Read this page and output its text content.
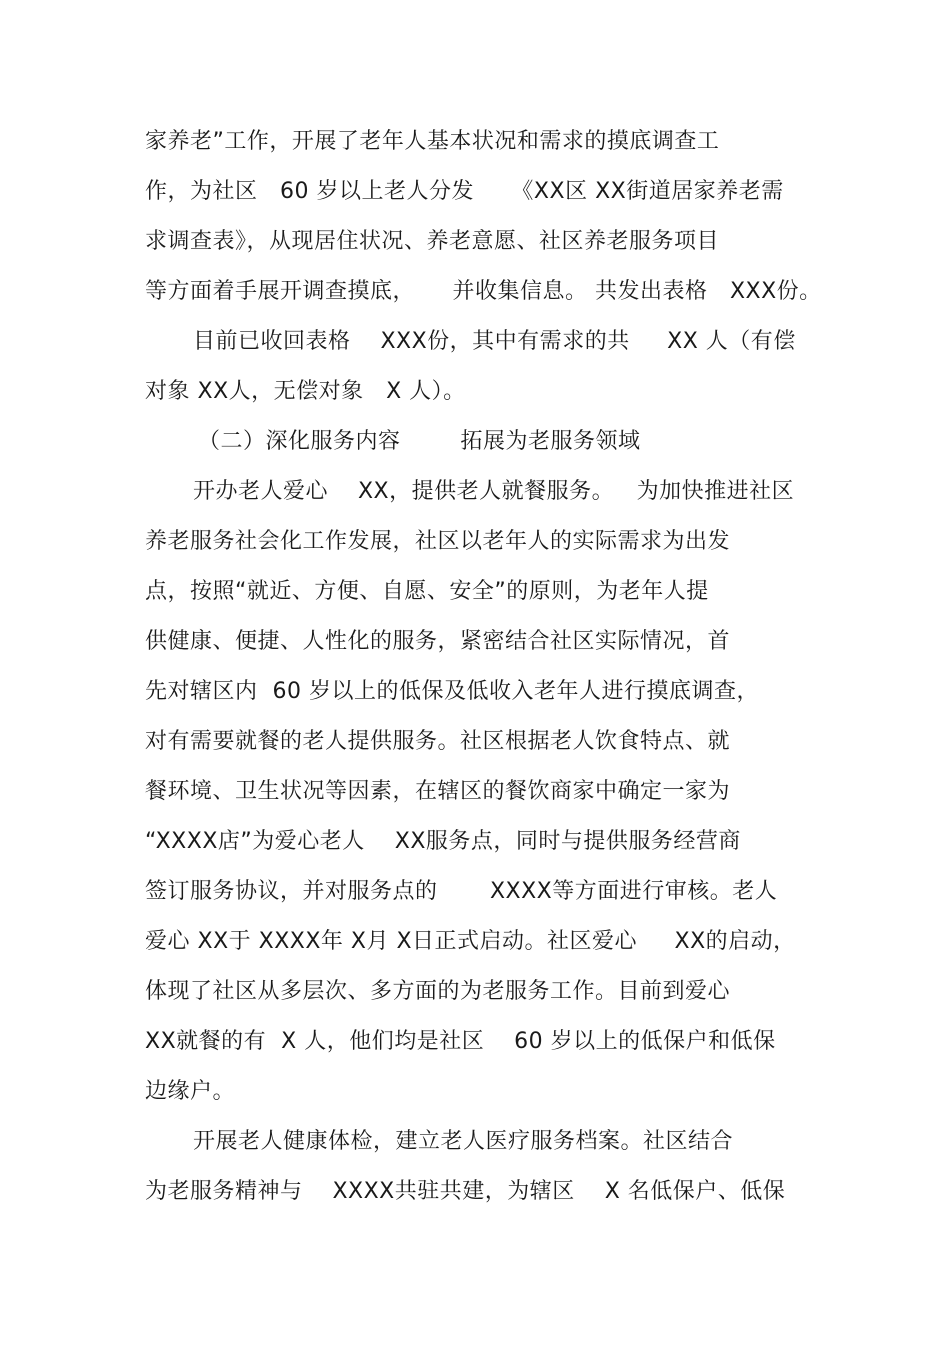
家养老”工作，开展了老年人基本状况和需求的摸底调查工
作，为社区   60 岁以上老人分发     《XX区 XX街道居家养老需
求调查表》，从现居住状况、养老意愿、社区养老服务项目
等方面着手展开调查摸底，     并收集信息。 共发出表格   XXX份。
目前已收回表格    XXX份，其中有需求的共     XX 人（有偿
对象 XX人，无偿对象   X 人）。
（二）深化服务内容        拓展为老服务领域
开办老人爱心    XX，提供老人就餐服务。   为加快推进社区
养老服务社会化工作发展，社区以老年人的实际需求为出发
点，按照“就近、方便、自愿、安全”的原则，为老年人提
供健康、便捷、人性化的服务，紧密结合社区实际情况，首
先对辖区内  60 岁以上的低保及低收入老年人进行摸底调查，
对有需要就餐的老人提供服务。社区根据老人饮食特点、就
餐环境、卫生状况等因素，在辖区的餐饮商家中确定一家为
“XXXX店”为爱心老人    XX服务点，同时与提供服务经营商
签订服务协议，并对服务点的       XXXX等方面进行审核。老人
爱心 XX于 XXXX年 X月 X日正式启动。社区爱心     XX的启动，
体现了社区从多层次、多方面的为老服务工作。目前到爱心
XX就餐的有  X 人，他们均是社区    60 岁以上的低保户和低保
边缘户。
开展老人健康体检，建立老人医疗服务档案。社区结合
为老服务精神与    XXXX共驻共建，为辖区    X 名低保户、低保
